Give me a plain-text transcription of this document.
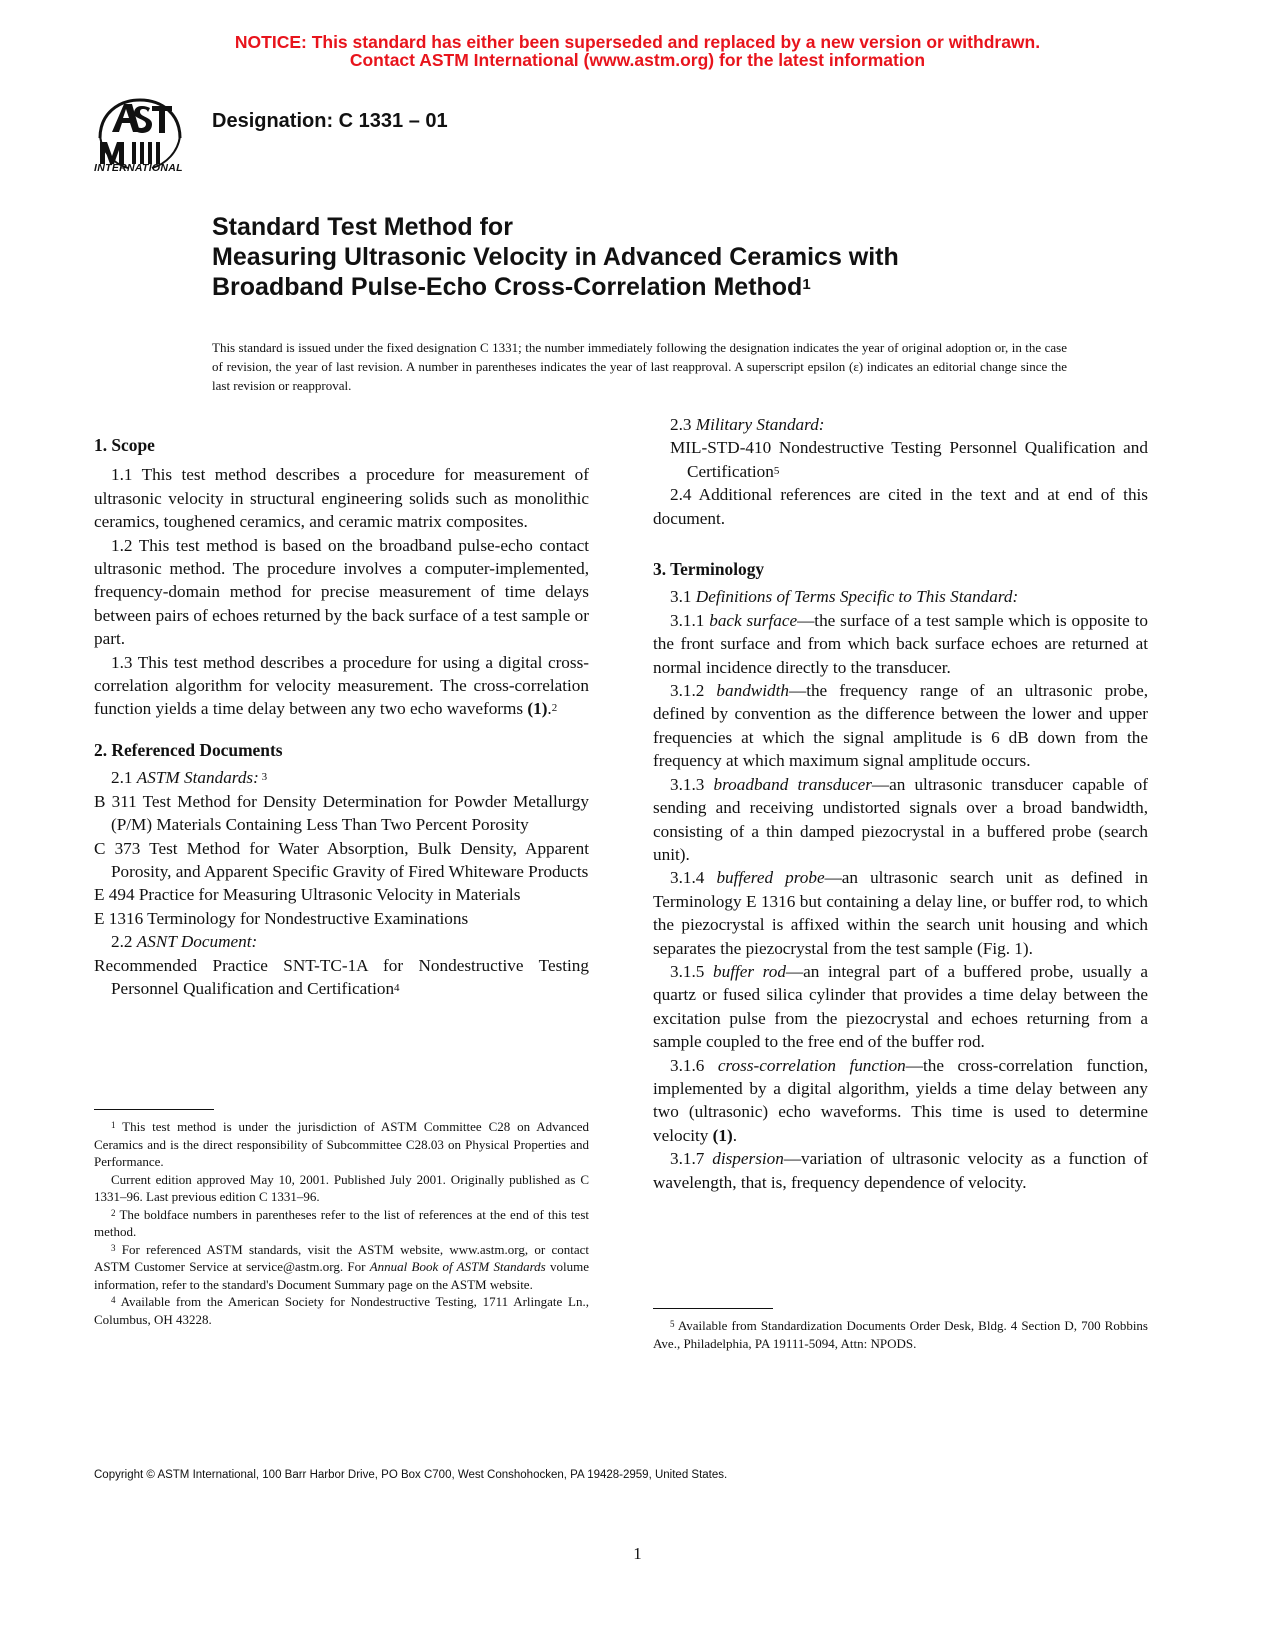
NOTICE: This standard has either been superseded and replaced by a new version or withdrawn.
Contact ASTM International (www.astm.org) for the latest information
INTERNATIONAL
Designation: C 1331 – 01
Standard Test Method for
Measuring Ultrasonic Velocity in Advanced Ceramics with
Broadband Pulse-Echo Cross-Correlation Method$^1$
This standard is issued under the fixed designation C 1331; the number immediately following the designation indicates the year of original adoption or, in the case of revision, the year of last revision. A number in parentheses indicates the year of last reapproval. A superscript epsilon (ε) indicates an editorial change since the last revision or reapproval.
1. Scope

1.1 This test method describes a procedure for measurement of ultrasonic velocity in structural engineering solids such as monolithic ceramics, toughened ceramics, and ceramic matrix composites.

1.2 This test method is based on the broadband pulse-echo contact ultrasonic method. The procedure involves a computer-implemented, frequency-domain method for precise measurement of time delays between pairs of echoes returned by the back surface of a test sample or part.

1.3 This test method describes a procedure for using a digital cross-correlation algorithm for velocity measurement. The cross-correlation function yields a time delay between any two echo waveforms (1).$^2$

2. Referenced Documents

2.1 ASTM Standards: $^3$

B 311 Test Method for Density Determination for Powder Metallurgy (P/M) Materials Containing Less Than Two Percent Porosity

C 373 Test Method for Water Absorption, Bulk Density, Apparent Porosity, and Apparent Specific Gravity of Fired Whiteware Products

E 494 Practice for Measuring Ultrasonic Velocity in Materials

E 1316 Terminology for Nondestructive Examinations

2.2 ASNT Document:

Recommended Practice SNT-TC-1A for Nondestructive Testing Personnel Qualification and Certification$^4$

2.3 Military Standard:

MIL-STD-410 Nondestructive Testing Personnel Qualification and Certification$^5$

2.4 Additional references are cited in the text and at end of this document.

3. Terminology

3.1 Definitions of Terms Specific to This Standard:

3.1.1 back surface—the surface of a test sample which is opposite to the front surface and from which back surface echoes are returned at normal incidence directly to the transducer.

3.1.2 bandwidth—the frequency range of an ultrasonic probe, defined by convention as the difference between the lower and upper frequencies at which the signal amplitude is 6 dB down from the frequency at which maximum signal amplitude occurs.

3.1.3 broadband transducer—an ultrasonic transducer capable of sending and receiving undistorted signals over a broad bandwidth, consisting of a thin damped piezocrystal in a buffered probe (search unit).

3.1.4 buffered probe—an ultrasonic search unit as defined in Terminology E 1316 but containing a delay line, or buffer rod, to which the piezocrystal is affixed within the search unit housing and which separates the piezocrystal from the test sample (Fig. 1).

3.1.5 buffer rod—an integral part of a buffered probe, usually a quartz or fused silica cylinder that provides a time delay between the excitation pulse from the piezocrystal and echoes returning from a sample coupled to the free end of the buffer rod.

3.1.6 cross-correlation function—the cross-correlation function, implemented by a digital algorithm, yields a time delay between any two (ultrasonic) echo waveforms. This time is used to determine velocity (1).

3.1.7 dispersion—variation of ultrasonic velocity as a function of wavelength, that is, frequency dependence of velocity.

$^1$ This test method is under the jurisdiction of ASTM Committee C28 on Advanced Ceramics and is the direct responsibility of Subcommittee C28.03 on Physical Properties and Performance.

Current edition approved May 10, 2001. Published July 2001. Originally published as C 1331–96. Last previous edition C 1331–96.

$^2$ The boldface numbers in parentheses refer to the list of references at the end of this test method.

$^3$ For referenced ASTM standards, visit the ASTM website, www.astm.org, or contact ASTM Customer Service at service@astm.org. For Annual Book of ASTM Standards volume information, refer to the standard's Document Summary page on the ASTM website.

$^4$ Available from the American Society for Nondestructive Testing, 1711 Arlingate Ln., Columbus, OH 43228.	$^5$ Available from Standardization Documents Order Desk, Bldg. 4 Section D, 700 Robbins Ave., Philadelphia, PA 19111-5094, Attn: NPODS.

Copyright © ASTM International, 100 Barr Harbor Drive, PO Box C700, West Conshohocken, PA 19428-2959, United States.
1
